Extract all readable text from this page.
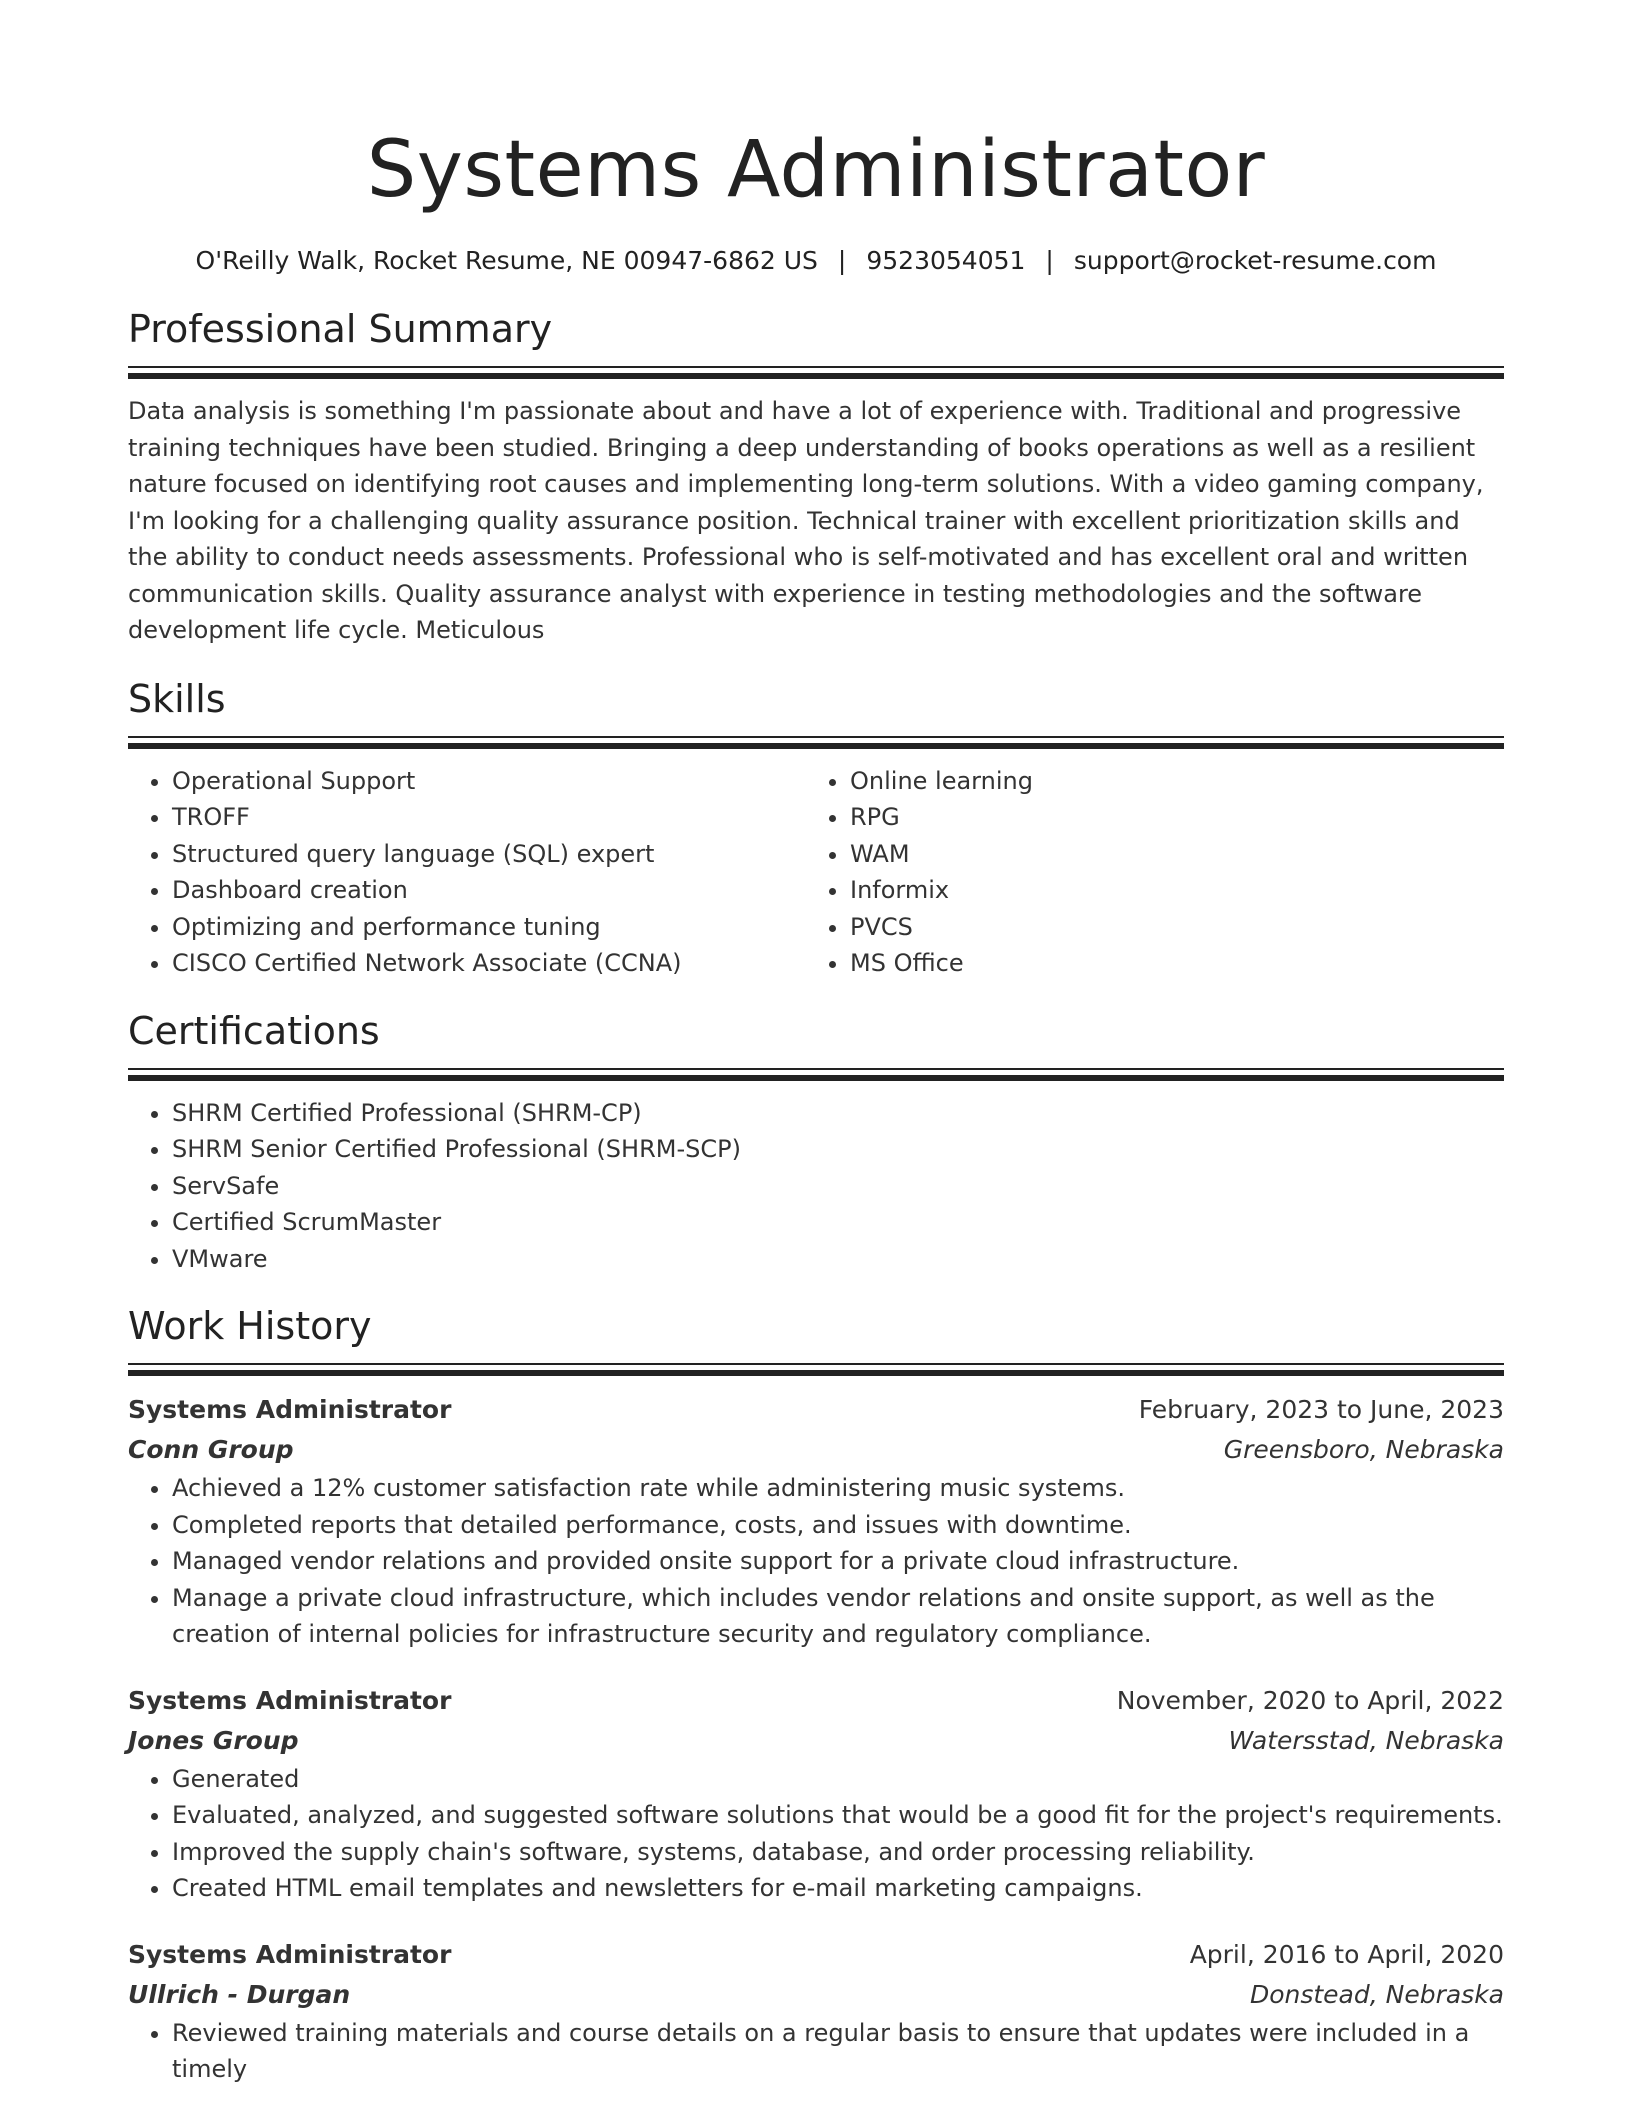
Systems Administrator
O'Reilly Walk, Rocket Resume, NE 00947-6862 US | 9523054051 | support@rocket-resume.com
Professional Summary

Data analysis is something I'm passionate about and have a lot of experience with. Traditional and progressive training techniques have been studied. Bringing a deep understanding of books operations as well as a resilient nature focused on identifying root causes and implementing long-term solutions. With a video gaming company, I'm looking for a challenging quality assurance position. Technical trainer with excellent prioritization skills and the ability to conduct needs assessments. Professional who is self-motivated and has excellent oral and written communication skills. Quality assurance analyst with experience in testing methodologies and the software development life cycle. Meticulous

Skills
• Operational Support
• TROFF
• Structured query language (SQL) expert
• Dashboard creation
• Optimizing and performance tuning
• CISCO Certified Network Associate (CCNA)
• Online learning
• RPG
• WAM
• Informix
• PVCS
• MS Office
Certifications
• SHRM Certified Professional (SHRM-CP)
• SHRM Senior Certified Professional (SHRM-SCP)
• ServSafe
• Certified ScrumMaster
• VMware
Work History
Systems Administrator	February, 2023 to June, 2023
Conn Group	Greensboro, Nebraska
• Achieved a 12% customer satisfaction rate while administering music systems.
• Completed reports that detailed performance, costs, and issues with downtime.
• Managed vendor relations and provided onsite support for a private cloud infrastructure.
• Manage a private cloud infrastructure, which includes vendor relations and onsite support, as well as the creation of internal policies for infrastructure security and regulatory compliance.
Systems Administrator	November, 2020 to April, 2022
Jones Group	Watersstad, Nebraska
• Generated
• Evaluated, analyzed, and suggested software solutions that would be a good fit for the project's requirements.
• Improved the supply chain's software, systems, database, and order processing reliability.
• Created HTML email templates and newsletters for e-mail marketing campaigns.
Systems Administrator	April, 2016 to April, 2020
Ullrich - Durgan	Donstead, Nebraska
• Reviewed training materials and course details on a regular basis to ensure that updates were included in a timely
